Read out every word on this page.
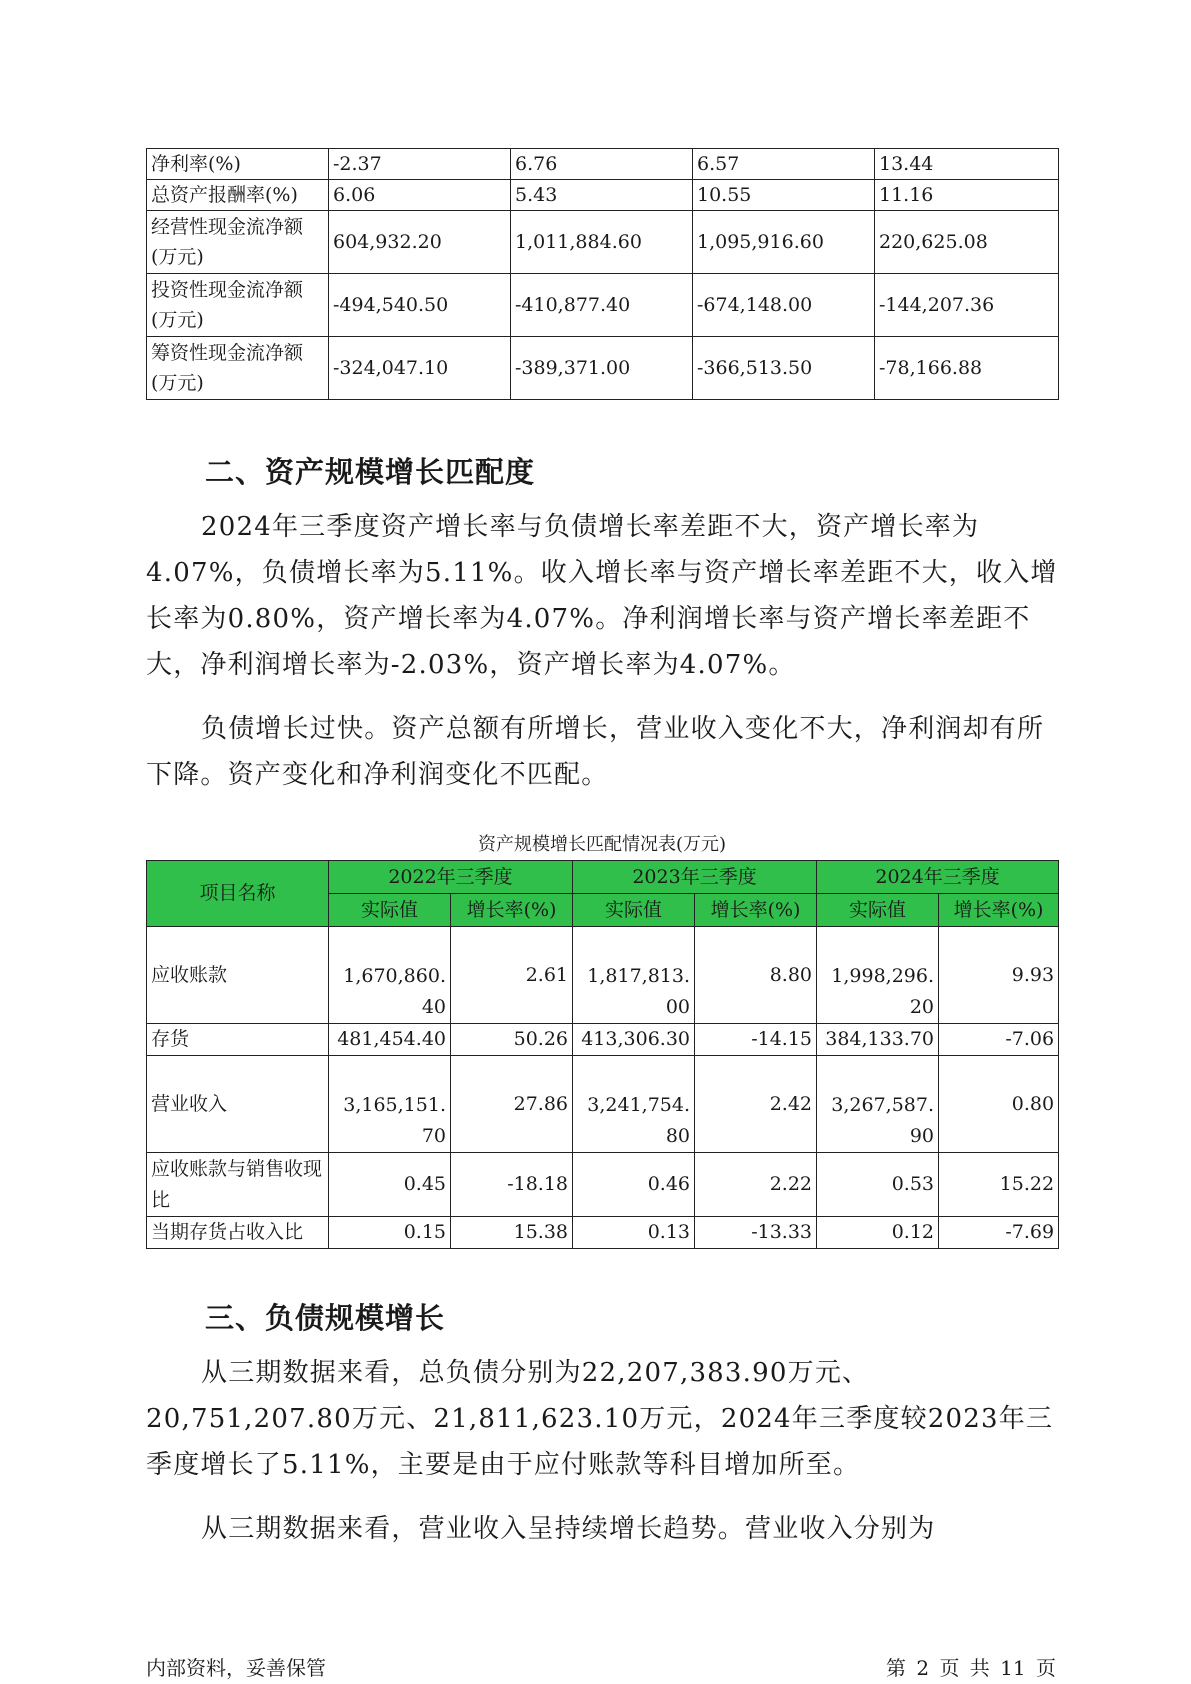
净利率(%)	-2.37	6.76	6.57	13.44
总资产报酬率(%)	6.06	5.43	10.55	11.16
经营性现金流净额(万元)	604,932.20	1,011,884.60	1,095,916.60	220,625.08
投资性现金流净额(万元)	-494,540.50	-410,877.40	-674,148.00	-144,207.36
筹资性现金流净额(万元)	-324,047.10	-389,371.00	-366,513.50	-78,166.88
二、资产规模增长匹配度

2024年三季度资产增长率与负债增长率差距不大，资产增长率为4.07%，负债增长率为5.11%。收入增长率与资产增长率差距不大，收入增长率为0.80%，资产增长率为4.07%。净利润增长率与资产增长率差距不大，净利润增长率为-2.03%，资产增长率为4.07%。

负债增长过快。资产总额有所增长，营业收入变化不大，净利润却有所下降。资产变化和净利润变化不匹配。

资产规模增长匹配情况表(万元)
项目名称	2022年三季度		2023年三季度		2024年三季度	
	实际值	增长率(%)	实际值	增长率(%)	实际值	增长率(%)
应收账款	1,670,860.40	2.61	1,817,813.00	8.80	1,998,296.20	9.93
存货	481,454.40	50.26	413,306.30	-14.15	384,133.70	-7.06
营业收入	3,165,151.70	27.86	3,241,754.80	2.42	3,267,587.90	0.80
应收账款与销售收现比	0.45	-18.18	0.46	2.22	0.53	15.22
当期存货占收入比	0.15	15.38	0.13	-13.33	0.12	-7.69
三、负债规模增长

从三期数据来看，总负债分别为22,207,383.90万元、20,751,207.80万元、21,811,623.10万元，2024年三季度较2023年三季度增长了5.11%，主要是由于应付账款等科目增加所至。

从三期数据来看，营业收入呈持续增长趋势。营业收入分别为

内部资料，妥善保管	第 2 页 共 11 页
